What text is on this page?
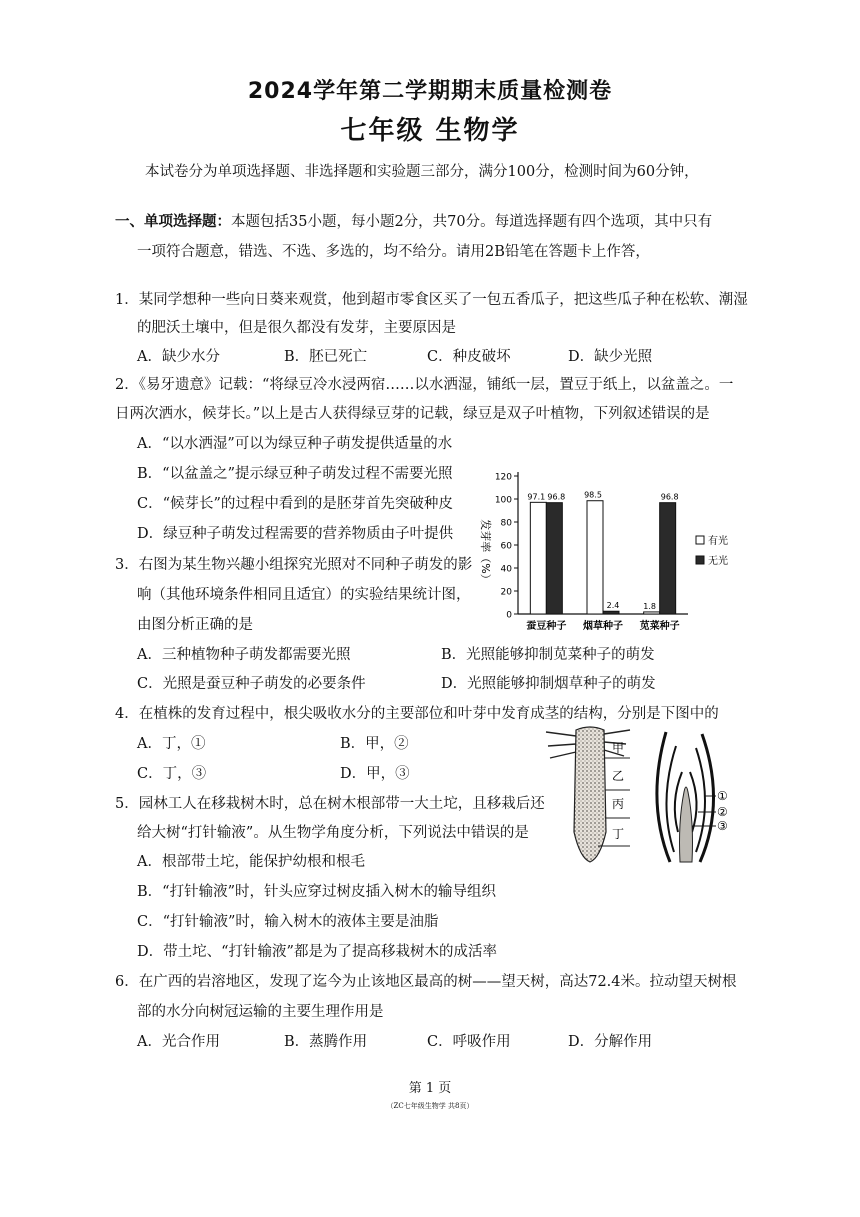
2024学年第二学期期末质量检测卷
七年级 生物学
本试卷分为单项选择题、非选择题和实验题三部分，满分100分，检测时间为60分钟，
一、单项选择题：本题包括35小题，每小题2分，共70分。每道选择题有四个选项，其中只有
一项符合题意，错选、不选、多选的，均不给分。请用2B铅笔在答题卡上作答，
1．某同学想种一些向日葵来观赏，他到超市零食区买了一包五香瓜子，把这些瓜子种在松软、潮湿
的肥沃土壤中，但是很久都没有发芽，主要原因是
A．缺少水分	B．胚已死亡	C．种皮破坏	D．缺少光照
2．《易牙遗意》记载：“将绿豆冷水浸两宿……以水洒湿，铺纸一层，置豆于纸上，以盆盖之。一
日两次洒水，候芽长。”以上是古人获得绿豆芽的记载，绿豆是双子叶植物，下列叙述错误的是
A．“以水洒湿”可以为绿豆种子萌发提供适量的水
B．“以盆盖之”提示绿豆种子萌发过程不需要光照
C．“候芽长”的过程中看到的是胚芽首先突破种皮
D．绿豆种子萌发过程需要的营养物质由子叶提供
3．右图为某生物兴趣小组探究光照对不同种子萌发的影
响（其他环境条件相同且适宜）的实验结果统计图，
由图分析正确的是
A．三种植物种子萌发都需要光照	B．光照能够抑制苋菜种子的萌发
C．光照是蚕豆种子萌发的必要条件	D．光照能够抑制烟草种子的萌发
发芽率（%）
0
20
40
60
80
100
120
97.1 96.8 98.5
2.4	1.8
96.8
蚕豆种子 烟草种子 苋菜种子
有光
无光
4．在植株的发育过程中，根尖吸收水分的主要部位和叶芽中发育成茎的结构，分别是下图中的
A．丁，①	B．甲，②
C．丁，③	D．甲，③
甲
乙
丙
丁
①
②
③
5．园林工人在移栽树木时，总在树木根部带一大土坨，且移栽后还
给大树“打针输液”。从生物学角度分析，下列说法中错误的是
A．根部带土坨，能保护幼根和根毛
B．“打针输液”时，针头应穿过树皮插入树木的输导组织
C．“打针输液”时，输入树木的液体主要是油脂
D．带土坨、“打针输液”都是为了提高移栽树木的成活率
6．在广西的岩溶地区，发现了迄今为止该地区最高的树——望天树，高达72.4米。拉动望天树根
部的水分向树冠运输的主要生理作用是
A．光合作用	B．蒸腾作用	C．呼吸作用	D．分解作用
第 1 页
（ZC七年级生物学 共8页）
